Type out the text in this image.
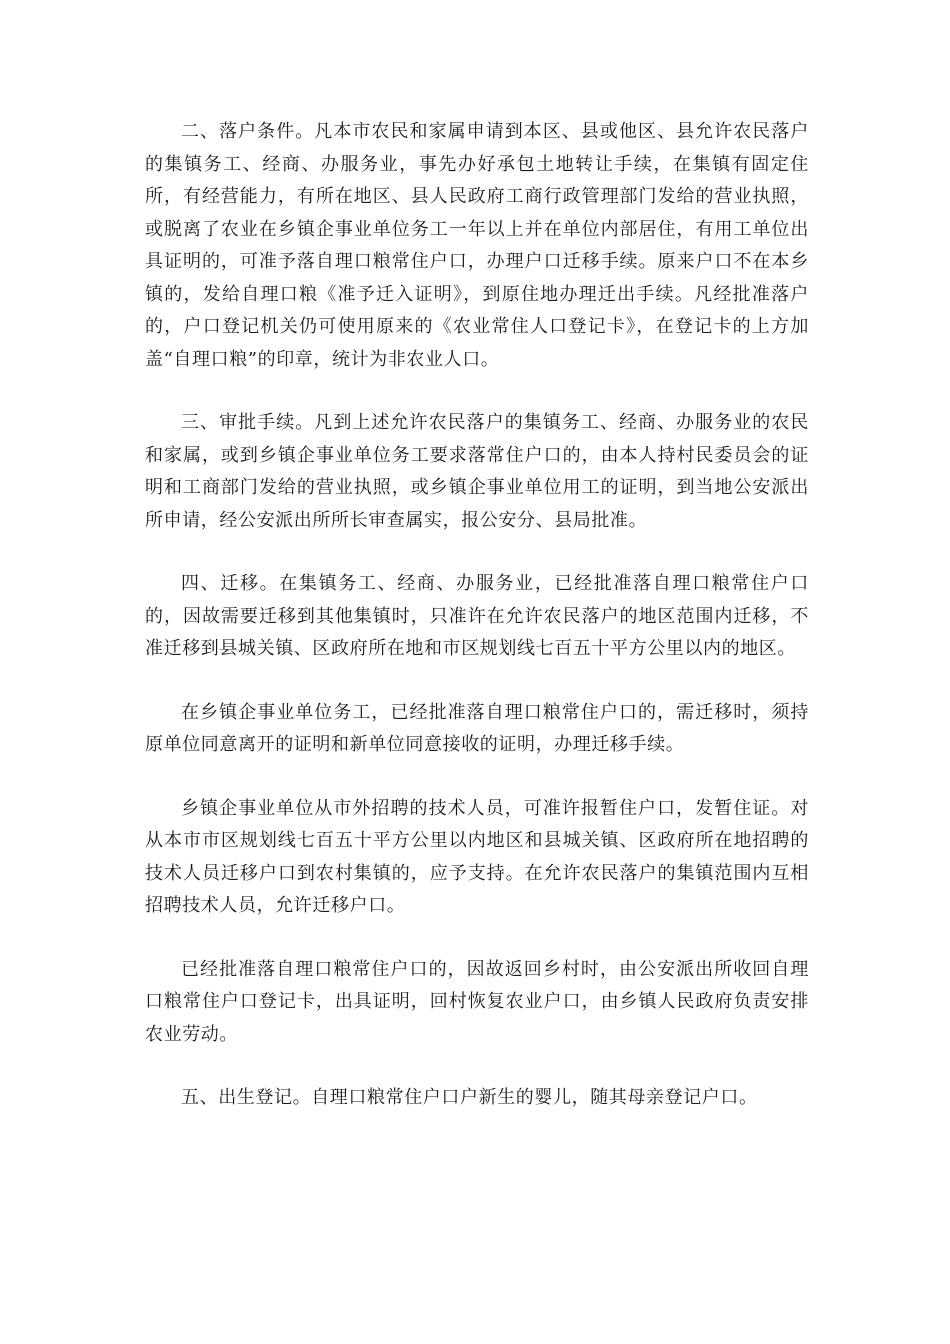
二、落户条件。凡本市农民和家属申请到本区、县或他区、县允许农民落户的集镇务工、经商、办服务业，事先办好承包土地转让手续，在集镇有固定住所，有经营能力，有所在地区、县人民政府工商行政管理部门发给的营业执照，或脱离了农业在乡镇企事业单位务工一年以上并在单位内部居住，有用工单位出具证明的，可准予落自理口粮常住户口，办理户口迁移手续。原来户口不在本乡镇的，发给自理口粮《准予迁入证明》，到原住地办理迁出手续。凡经批准落户的，户口登记机关仍可使用原来的《农业常住人口登记卡》，在登记卡的上方加盖“自理口粮”的印章，统计为非农业人口。

三、审批手续。凡到上述允许农民落户的集镇务工、经商、办服务业的农民和家属，或到乡镇企事业单位务工要求落常住户口的，由本人持村民委员会的证明和工商部门发给的营业执照，或乡镇企事业单位用工的证明，到当地公安派出所申请，经公安派出所所长审查属实，报公安分、县局批准。

四、迁移。在集镇务工、经商、办服务业，已经批准落自理口粮常住户口的，因故需要迁移到其他集镇时，只准许在允许农民落户的地区范围内迁移，不准迁移到县城关镇、区政府所在地和市区规划线七百五十平方公里以内的地区。

在乡镇企事业单位务工，已经批准落自理口粮常住户口的，需迁移时，须持原单位同意离开的证明和新单位同意接收的证明，办理迁移手续。

乡镇企事业单位从市外招聘的技术人员，可准许报暂住户口，发暂住证。对从本市市区规划线七百五十平方公里以内地区和县城关镇、区政府所在地招聘的技术人员迁移户口到农村集镇的，应予支持。在允许农民落户的集镇范围内互相招聘技术人员，允许迁移户口。

已经批准落自理口粮常住户口的，因故返回乡村时，由公安派出所收回自理口粮常住户口登记卡，出具证明，回村恢复农业户口，由乡镇人民政府负责安排农业劳动。

五、出生登记。自理口粮常住户口户新生的婴儿，随其母亲登记户口。
